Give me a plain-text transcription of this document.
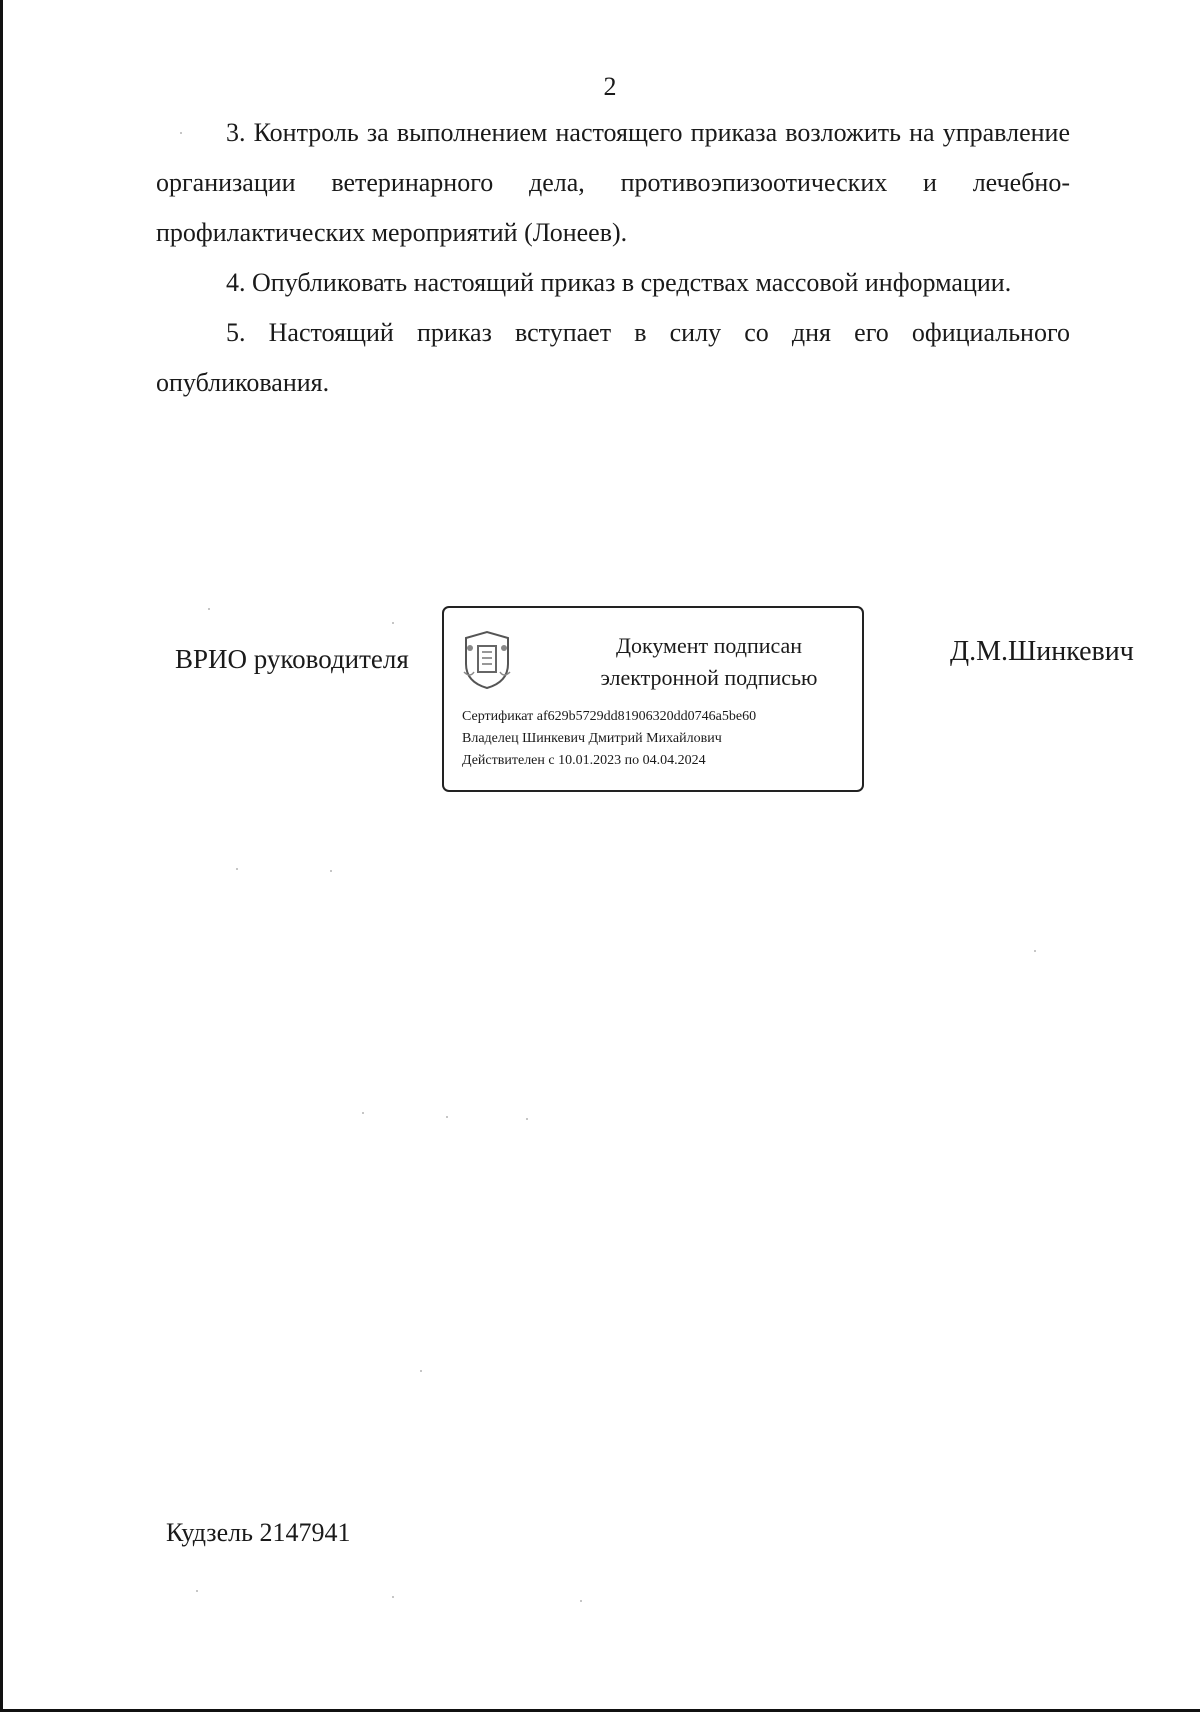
2

3. Контроль за выполнением настоящего приказа возложить на управление организации ветеринарного дела, противоэпизоотических и лечебно-профилактических мероприятий (Лонеев).

4. Опубликовать настоящий приказ в средствах массовой информации.

5. Настоящий приказ вступает в силу со дня его официального опубликования.

ВРИО руководителя	Документ подписан
электронной подписью
Сертификат af629b5729dd81906320dd0746a5be60
Владелец Шинкевич Дмитрий Михайлович
Действителен с 10.01.2023 по 04.04.2024
Д.М.Шинкевич
Кудзель 2147941
